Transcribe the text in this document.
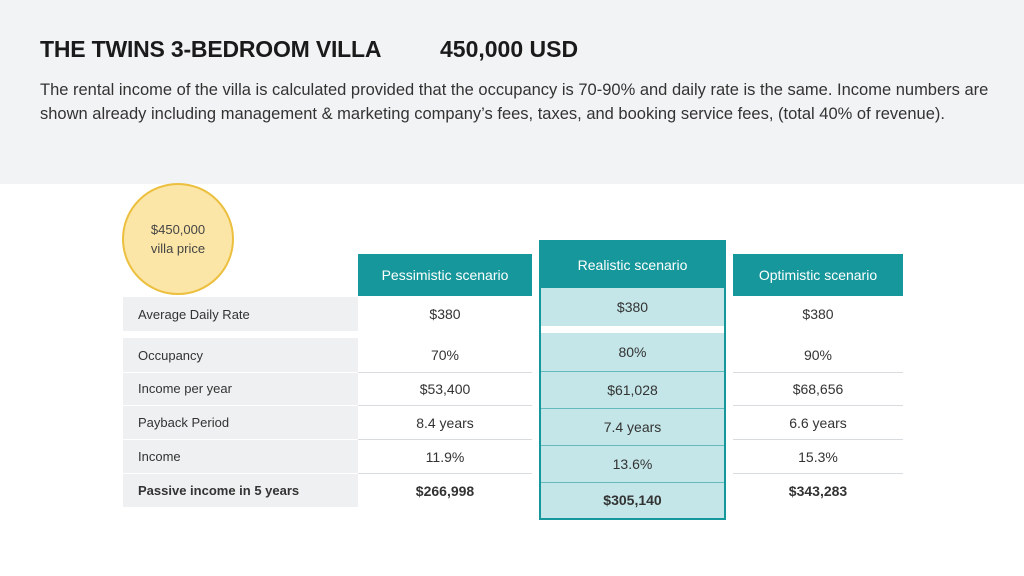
THE TWINS 3-BEDROOM VILLA	450,000 USD
The rental income of the villa is calculated provided that the occupancy is 70-90% and daily rate is the same. Income numbers are shown already including management & marketing company’s fees, taxes, and booking service fees, (total 40% of revenue).
$450,000
villa price
Pessimistic scenario	Optimistic scenario
Realistic scenario
$380
80%
$61,028
7.4 years
13.6%
$305,140
Average Daily Rate
Occupancy
Income per year
Payback Period
Income
Passive income in 5 years
$380
70%
$53,400
8.4 years
11.9%
$266,998
$380
90%
$68,656
6.6 years
15.3%
$343,283
